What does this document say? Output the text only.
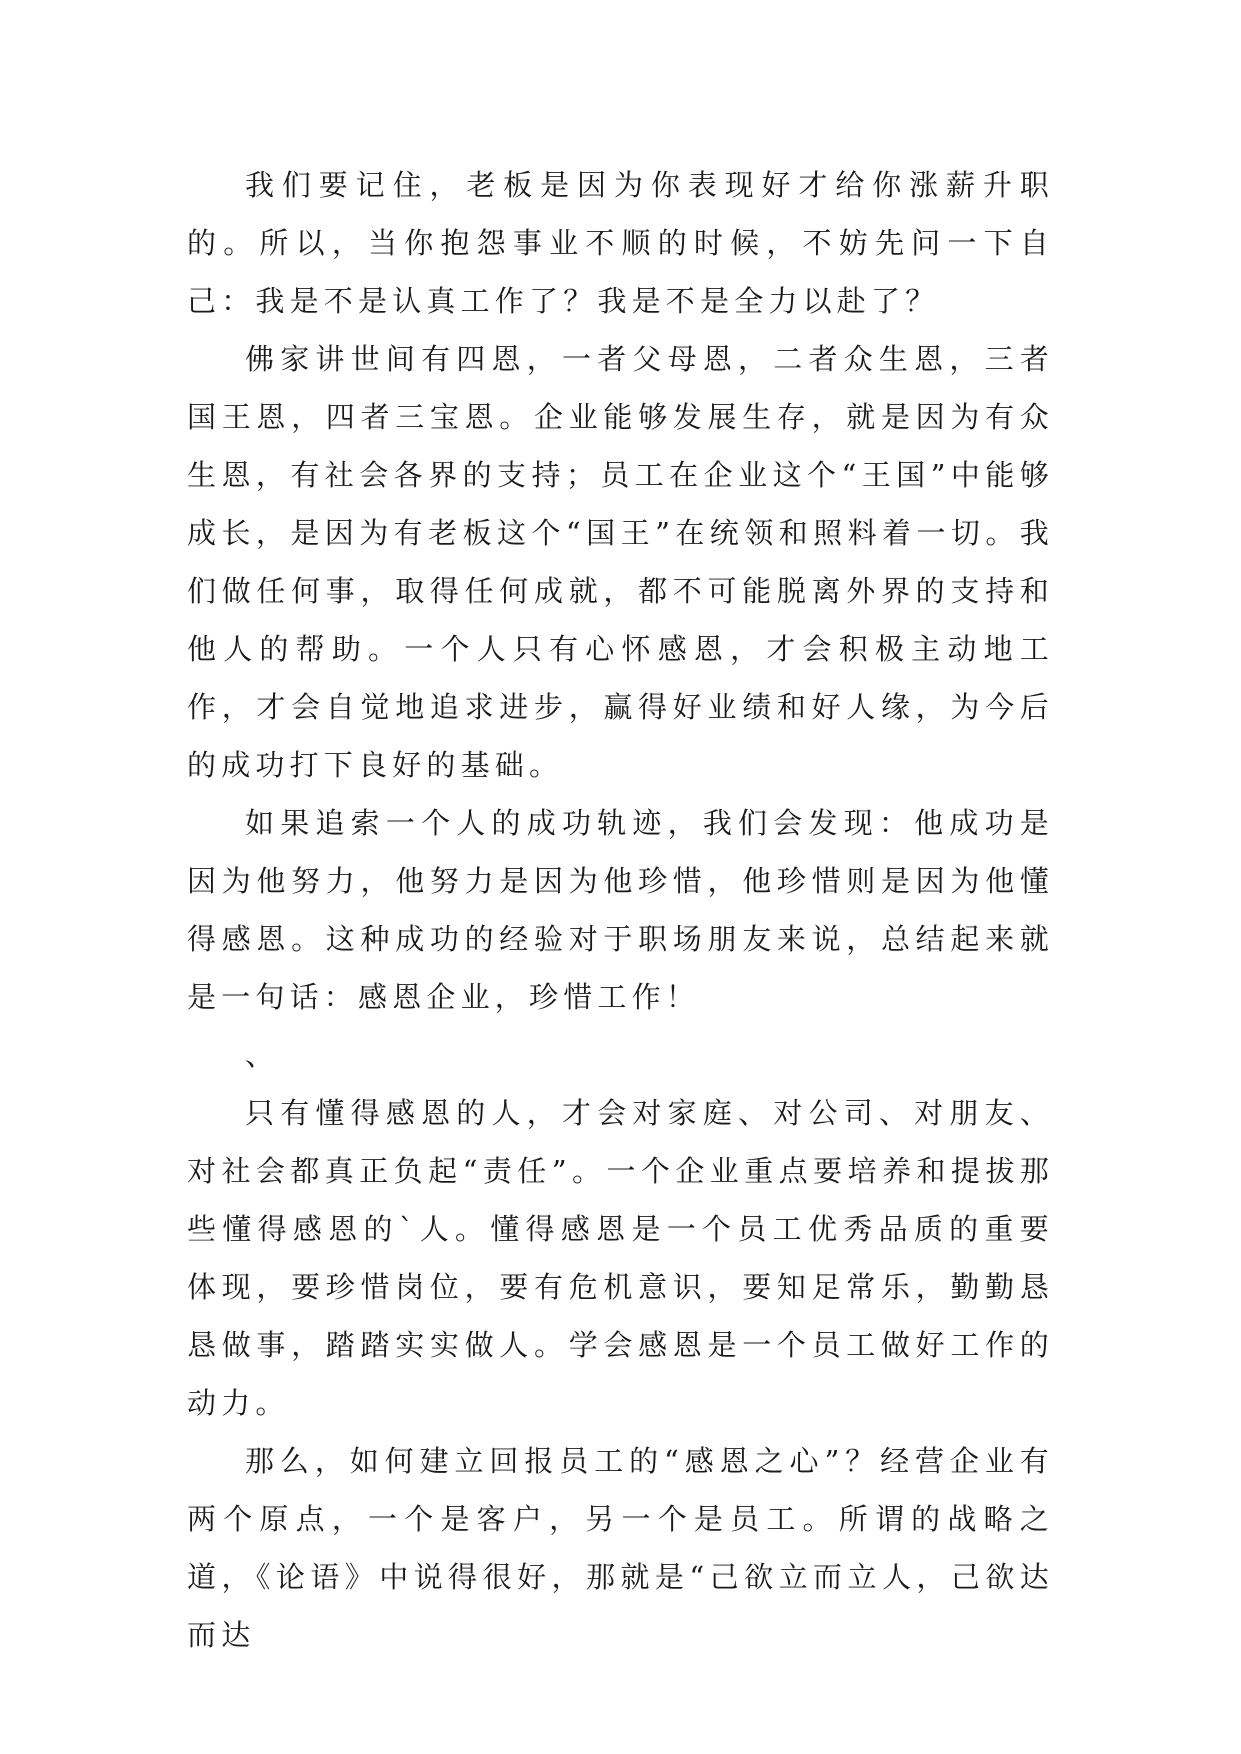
我们要记住，老板是因为你表现好才给你涨薪升职的。所以，当你抱怨事业不顺的时候，不妨先问一下自己：我是不是认真工作了？我是不是全力以赴了？

佛家讲世间有四恩，一者父母恩，二者众生恩，三者国王恩，四者三宝恩。企业能够发展生存，就是因为有众生恩，有社会各界的支持；员工在企业这个“王国”中能够成长，是因为有老板这个“国王”在统领和照料着一切。我们做任何事，取得任何成就，都不可能脱离外界的支持和他人的帮助。一个人只有心怀感恩，才会积极主动地工作，才会自觉地追求进步，赢得好业绩和好人缘，为今后的成功打下良好的基础。

如果追索一个人的成功轨迹，我们会发现：他成功是因为他努力，他努力是因为他珍惜，他珍惜则是因为他懂得感恩。这种成功的经验对于职场朋友来说，总结起来就是一句话：感恩企业，珍惜工作！

、

只有懂得感恩的人，才会对家庭、对公司、对朋友、对社会都真正负起“责任”。一个企业重点要培养和提拔那些懂得感恩的`人。懂得感恩是一个员工优秀品质的重要体现，要珍惜岗位，要有危机意识，要知足常乐，勤勤恳恳做事，踏踏实实做人。学会感恩是一个员工做好工作的动力。

那么，如何建立回报员工的“感恩之心”？经营企业有两个原点，一个是客户，另一个是员工。所谓的战略之道，《论语》中说得很好，那就是“己欲立而立人，己欲达而达
